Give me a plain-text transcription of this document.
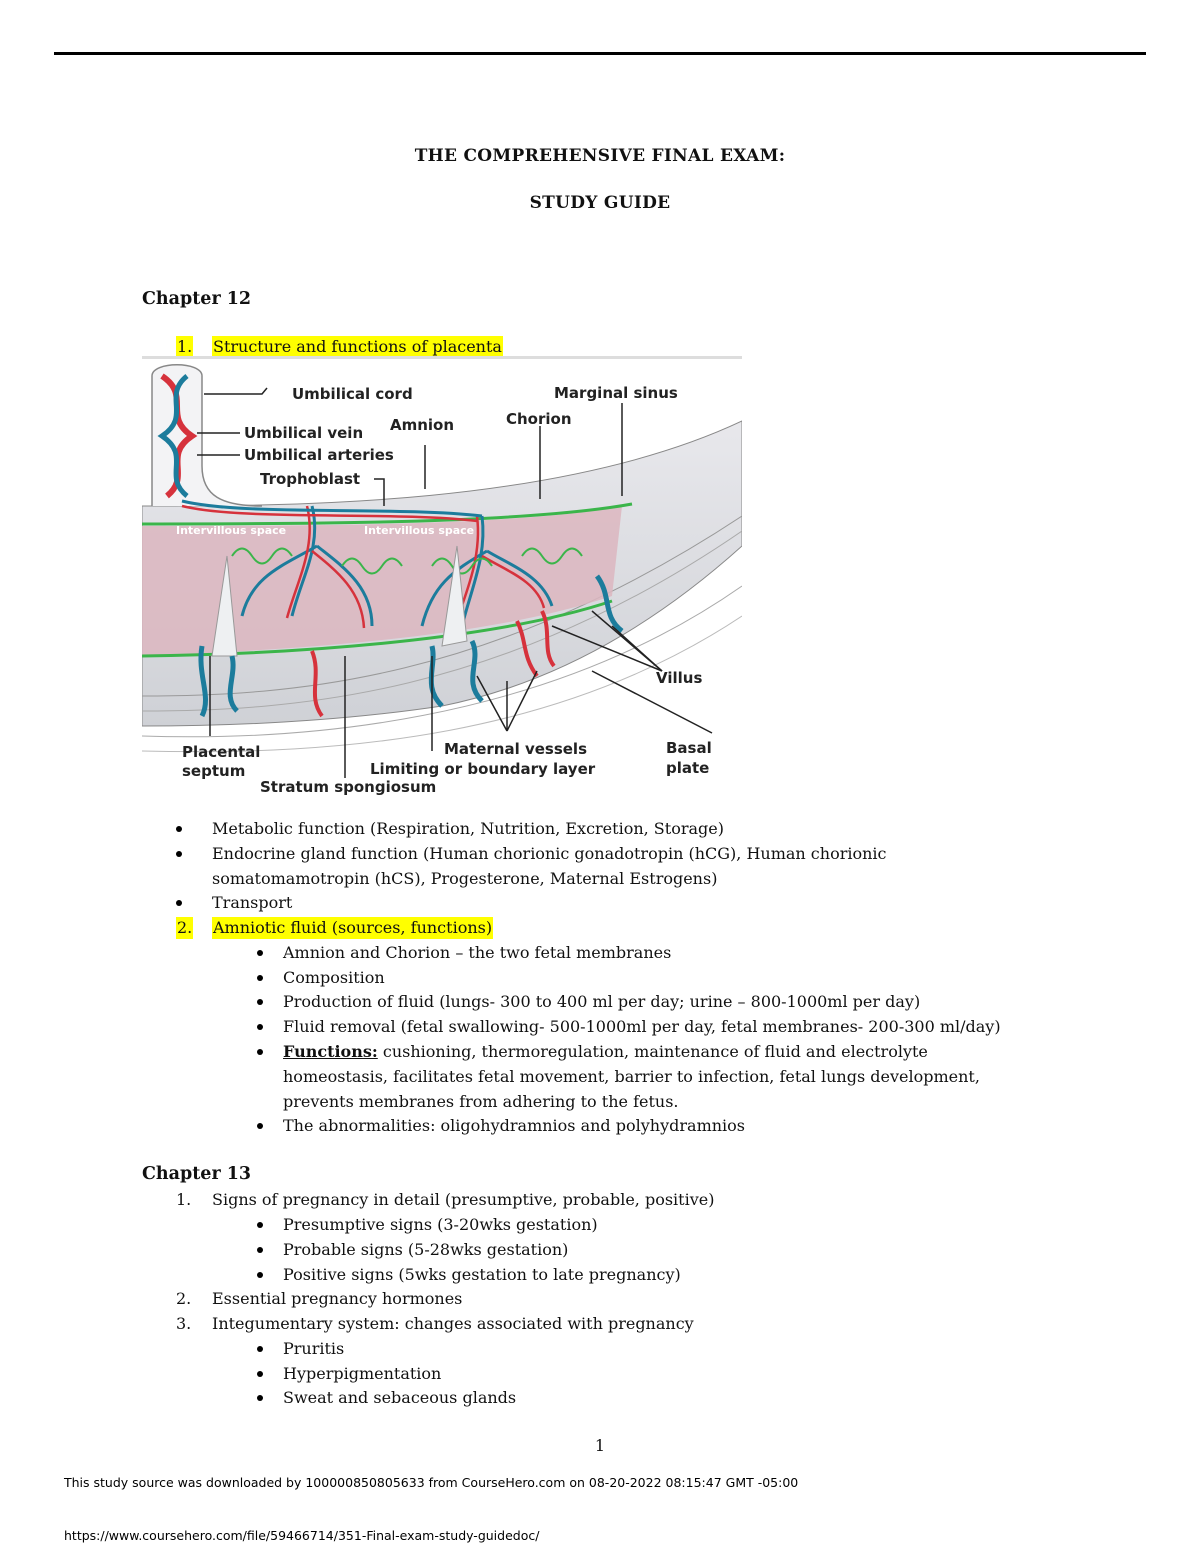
THE COMPREHENSIVE FINAL EXAM:
STUDY GUIDE
Chapter 12
1. Structure and functions of placenta
Umbilical cord
Umbilical vein
Umbilical arteries
Trophoblast
Amnion	Chorion
Marginal sinus
Intervillous space	Intervillous space
Villus
Placental
septum
Stratum spongiosum
Maternal vessels
Limiting or boundary layer
Basal
plate
Metabolic function (Respiration, Nutrition, Excretion, Storage)
Endocrine gland function (Human chorionic gonadotropin (hCG), Human chorionic
somatomamotropin (hCS), Progesterone, Maternal Estrogens)
Transport
2. Amniotic fluid (sources, functions)
Amnion and Chorion – the two fetal membranes
Composition
Production of fluid (lungs- 300 to 400 ml per day; urine – 800-1000ml per day)
Fluid removal (fetal swallowing- 500-1000ml per day, fetal membranes- 200-300 ml/day)
Functions: cushioning, thermoregulation, maintenance of fluid and electrolyte
homeostasis, facilitates fetal movement, barrier to infection, fetal lungs development,
prevents membranes from adhering to the fetus.
The abnormalities: oligohydramnios and polyhydramnios
Chapter 13
1. Signs of pregnancy in detail (presumptive, probable, positive)
Presumptive signs (3-20wks gestation)
Probable signs (5-28wks gestation)
Positive signs (5wks gestation to late pregnancy)
2. Essential pregnancy hormones
3. Integumentary system: changes associated with pregnancy
Pruritis
Hyperpigmentation
Sweat and sebaceous glands
1
This study source was downloaded by 100000850805633 from CourseHero.com on 08-20-2022 08:15:47 GMT -05:00
https://www.coursehero.com/file/59466714/351-Final-exam-study-guidedoc/
